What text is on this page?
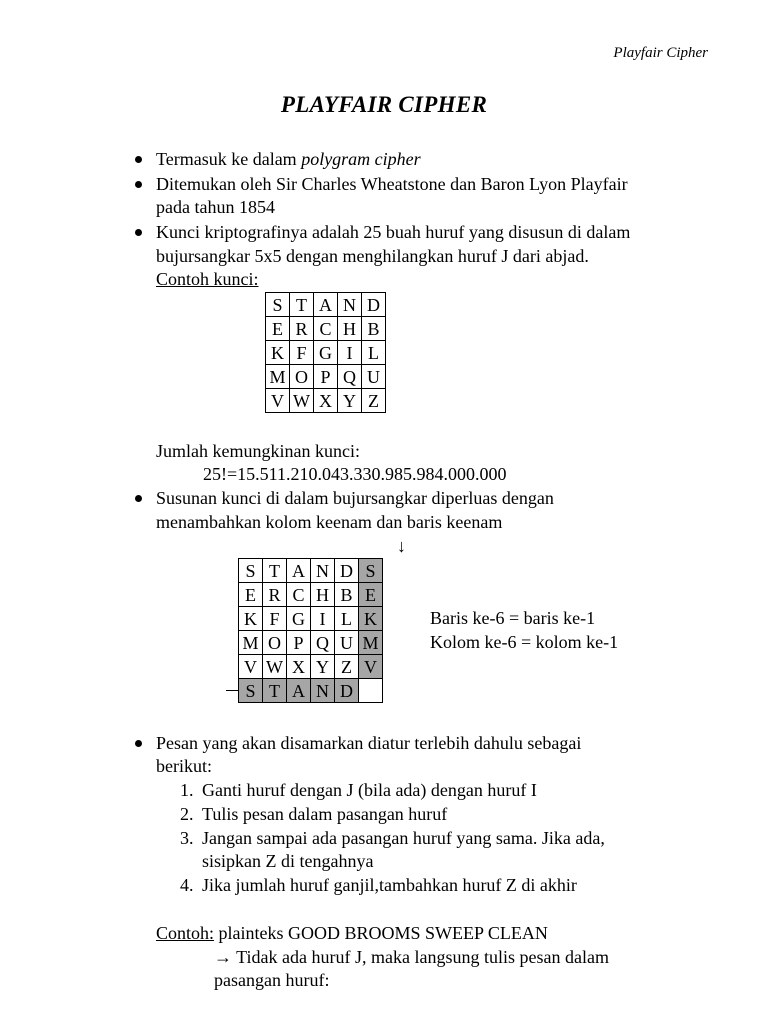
Playfair Cipher
PLAYFAIR CIPHER
Termasuk ke dalam polygram cipher
Ditemukan oleh Sir Charles Wheatstone dan Baron Lyon Playfair
pada tahun 1854
Kunci kriptografinya adalah 25 buah huruf yang disusun di dalam
bujursangkar 5x5 dengan menghilangkan huruf J dari abjad.
Contoh kunci:
S	T	A	N	D
E	R	C	H	B
K	F	G	I	L
M	O	P	Q	U
V	W	X	Y	Z
Jumlah kemungkinan kunci:
25!=15.511.210.043.330.985.984.000.000
Susunan kunci di dalam bujursangkar diperluas dengan
menambahkan kolom keenam dan baris keenam
↓
S	T	A	N	D	S
E	R	C	H	B	E
K	F	G	I	L	K
M	O	P	Q	U	M
V	W	X	Y	Z	V
S	T	A	N	D	
Baris ke-6 = baris ke-1
Kolom ke-6 = kolom ke-1
Pesan yang akan disamarkan diatur terlebih dahulu sebagai
berikut:
1. Ganti huruf dengan J (bila ada) dengan huruf I
2. Tulis pesan dalam pasangan huruf
3. Jangan sampai ada pasangan huruf yang sama. Jika ada,
sisipkan Z di tengahnya
4. Jika jumlah huruf ganjil,tambahkan huruf Z di akhir
Contoh: plainteks GOOD BROOMS SWEEP CLEAN
→ Tidak ada huruf J, maka langsung tulis pesan dalam
pasangan huruf:
